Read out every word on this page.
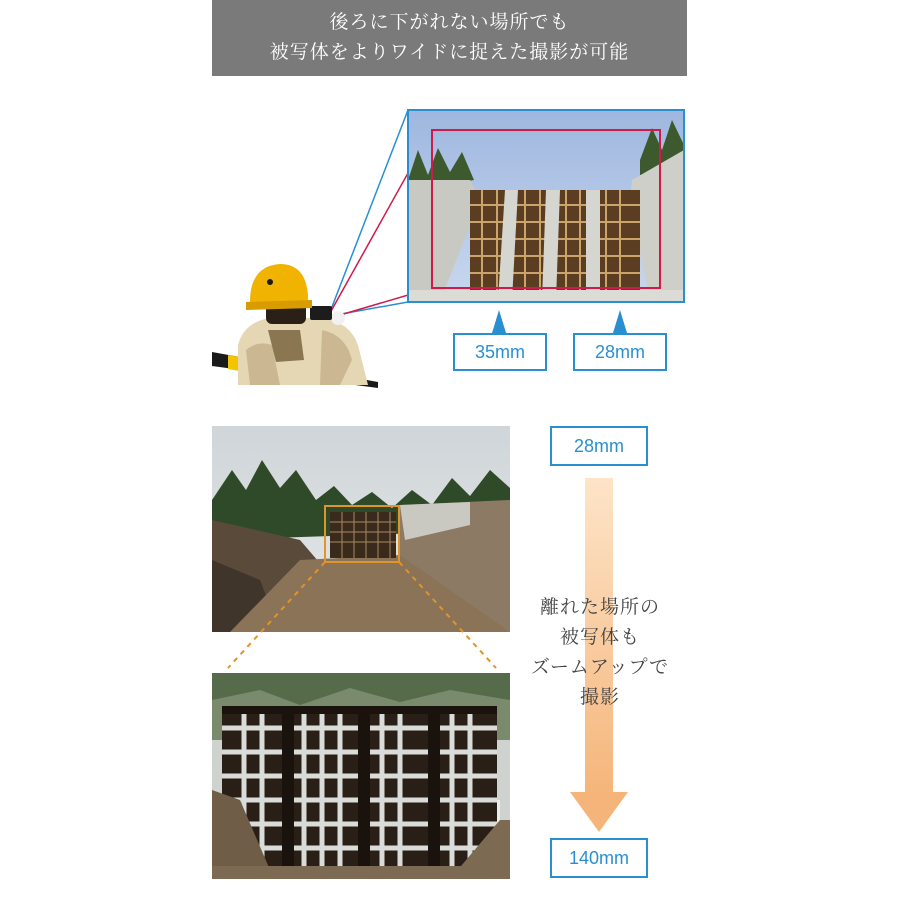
後ろに下がれない場所でも
被写体をよりワイドに捉えた撮影が可能
35mm	28mm
28mm
140mm
離れた場所の
被写体も
ズームアップで
撮影
